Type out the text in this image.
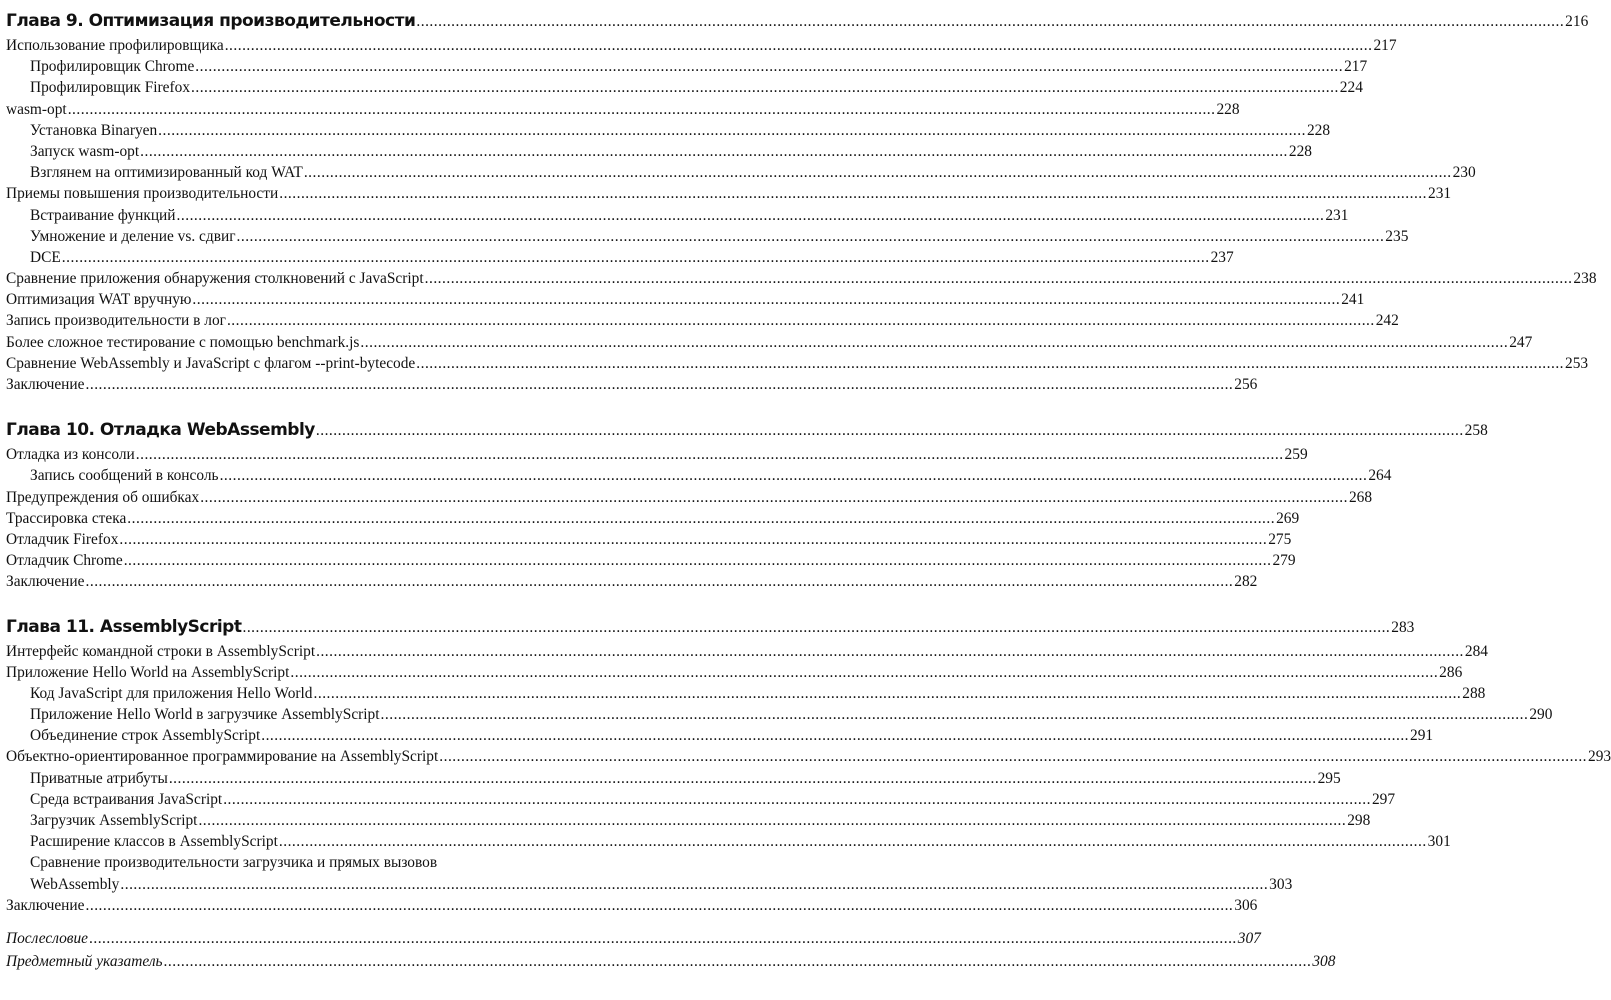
Глава 9. Оптимизация производительности .....	216
Использование профилировщика .....	217
Профилировщик Chrome .....	217
Профилировщик Firefox .....	224
wasm-opt .....	228
Установка Binaryen .....	228
Запуск wasm-opt .....	228
Взглянем на оптимизированный код WAT .....	230
Приемы повышения производительности .....	231
Встраивание функций .....	231
Умножение и деление vs. сдвиг .....	235
DCE .....	237
Сравнение приложения обнаружения столкновений с JavaScript .....	238
Оптимизация WAT вручную .....	241
Запись производительности в лог .....	242
Более сложное тестирование с помощью benchmark.js .....	247
Сравнение WebAssembly и JavaScript с флагом --print-bytecode .....	253
Заключение .....	256
Глава 10. Отладка WebAssembly .....	258
Отладка из консоли .....	259
Запись сообщений в консоль .....	264
Предупреждения об ошибках .....	268
Трассировка стека .....	269
Отладчик Firefox .....	275
Отладчик Chrome .....	279
Заключение .....	282
Глава 11. AssemblyScript .....	283
Интерфейс командной строки в AssemblyScript .....	284
Приложение Hello World на AssemblyScript .....	286
Код JavaScript для приложения Hello World .....	288
Приложение Hello World в загрузчике AssemblyScript .....	290
Объединение строк AssemblyScript .....	291
Объектно-ориентированное программирование на AssemblyScript .....	293
Приватные атрибуты .....	295
Среда встраивания JavaScript .....	297
Загрузчик AssemblyScript .....	298
Расширение классов в AssemblyScript .....	301
Сравнение производительности загрузчика и прямых вызовов
WebAssembly .....	303
Заключение .....	306
Послесловие .....	307
Предметный указатель .....	308
